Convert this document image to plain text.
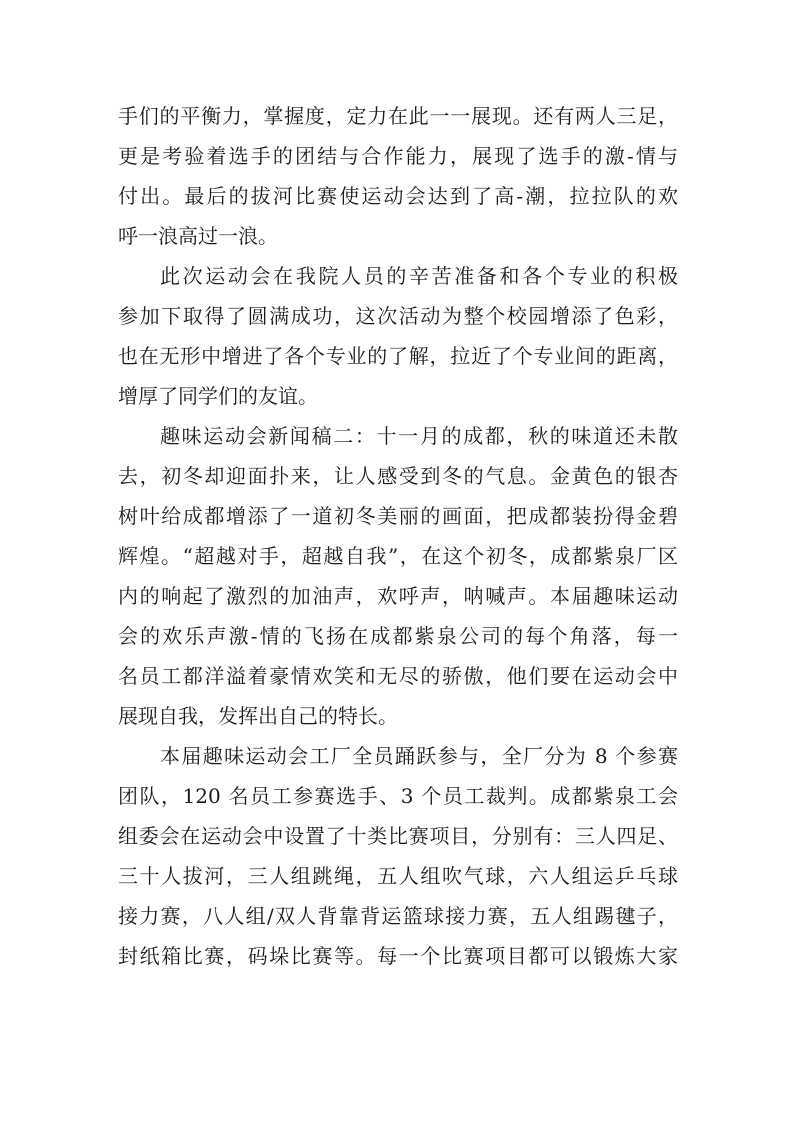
手们的平衡力，掌握度，定力在此一一展现。还有两人三足，
更是考验着选手的团结与合作能力，展现了选手的激-情与
付出。最后的拔河比赛使运动会达到了高-潮，拉拉队的欢
呼一浪高过一浪。
此次运动会在我院人员的辛苦准备和各个专业的积极
参加下取得了圆满成功，这次活动为整个校园增添了色彩，
也在无形中增进了各个专业的了解，拉近了个专业间的距离，
增厚了同学们的友谊。
趣味运动会新闻稿二：十一月的成都，秋的味道还未散
去，初冬却迎面扑来，让人感受到冬的气息。金黄色的银杏
树叶给成都增添了一道初冬美丽的画面，把成都装扮得金碧
辉煌。“超越对手，超越自我”，在这个初冬，成都紫泉厂区
内的响起了激烈的加油声，欢呼声，呐喊声。本届趣味运动
会的欢乐声激-情的飞扬在成都紫泉公司的每个角落，每一
名员工都洋溢着豪情欢笑和无尽的骄傲，他们要在运动会中
展现自我，发挥出自己的特长。
本届趣味运动会工厂全员踊跃参与，全厂分为 8 个参赛
团队，120 名员工参赛选手、3 个员工裁判。成都紫泉工会
组委会在运动会中设置了十类比赛项目，分别有：三人四足、
三十人拔河，三人组跳绳，五人组吹气球，六人组运乒乓球
接力赛，八人组/双人背靠背运篮球接力赛，五人组踢毽子，
封纸箱比赛，码垛比赛等。每一个比赛项目都可以锻炼大家
